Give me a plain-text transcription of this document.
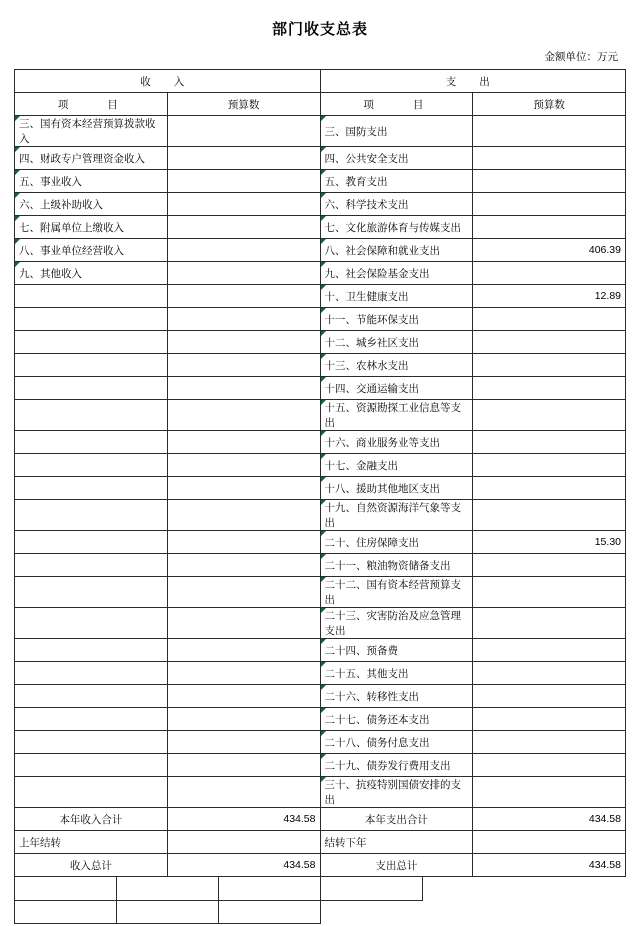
部门收支总表
金额单位：万元
收 入		支 出	
项　　目	预算数	项　　目	预算数
三、国有资本经营预算拨款收入		三、国防支出	
四、财政专户管理资金收入		四、公共安全支出	
五、事业收入		五、教育支出	
六、上级补助收入		六、科学技术支出	
七、附属单位上缴收入		七、文化旅游体育与传媒支出	
八、事业单位经营收入		八、社会保障和就业支出	406.39
九、其他收入		九、社会保险基金支出	
		十、卫生健康支出	12.89
		十一、节能环保支出	
		十二、城乡社区支出	
		十三、农林水支出	
		十四、交通运输支出	
		十五、资源勘探工业信息等支出	
		十六、商业服务业等支出	
		十七、金融支出	
		十八、援助其他地区支出	
		十九、自然资源海洋气象等支出	
		二十、住房保障支出	15.30
		二十一、粮油物资储备支出	
		二十二、国有资本经营预算支出	
		二十三、灾害防治及应急管理支出	
		二十四、预备费	
		二十五、其他支出	
		二十六、转移性支出	
		二十七、债务还本支出	
		二十八、债务付息支出	
		二十九、债券发行费用支出	
		三十、抗疫特别国债安排的支出	
本年收入合计	434.58	本年支出合计	434.58
上年结转		结转下年	
收入总计	434.58	支出总计	434.58
